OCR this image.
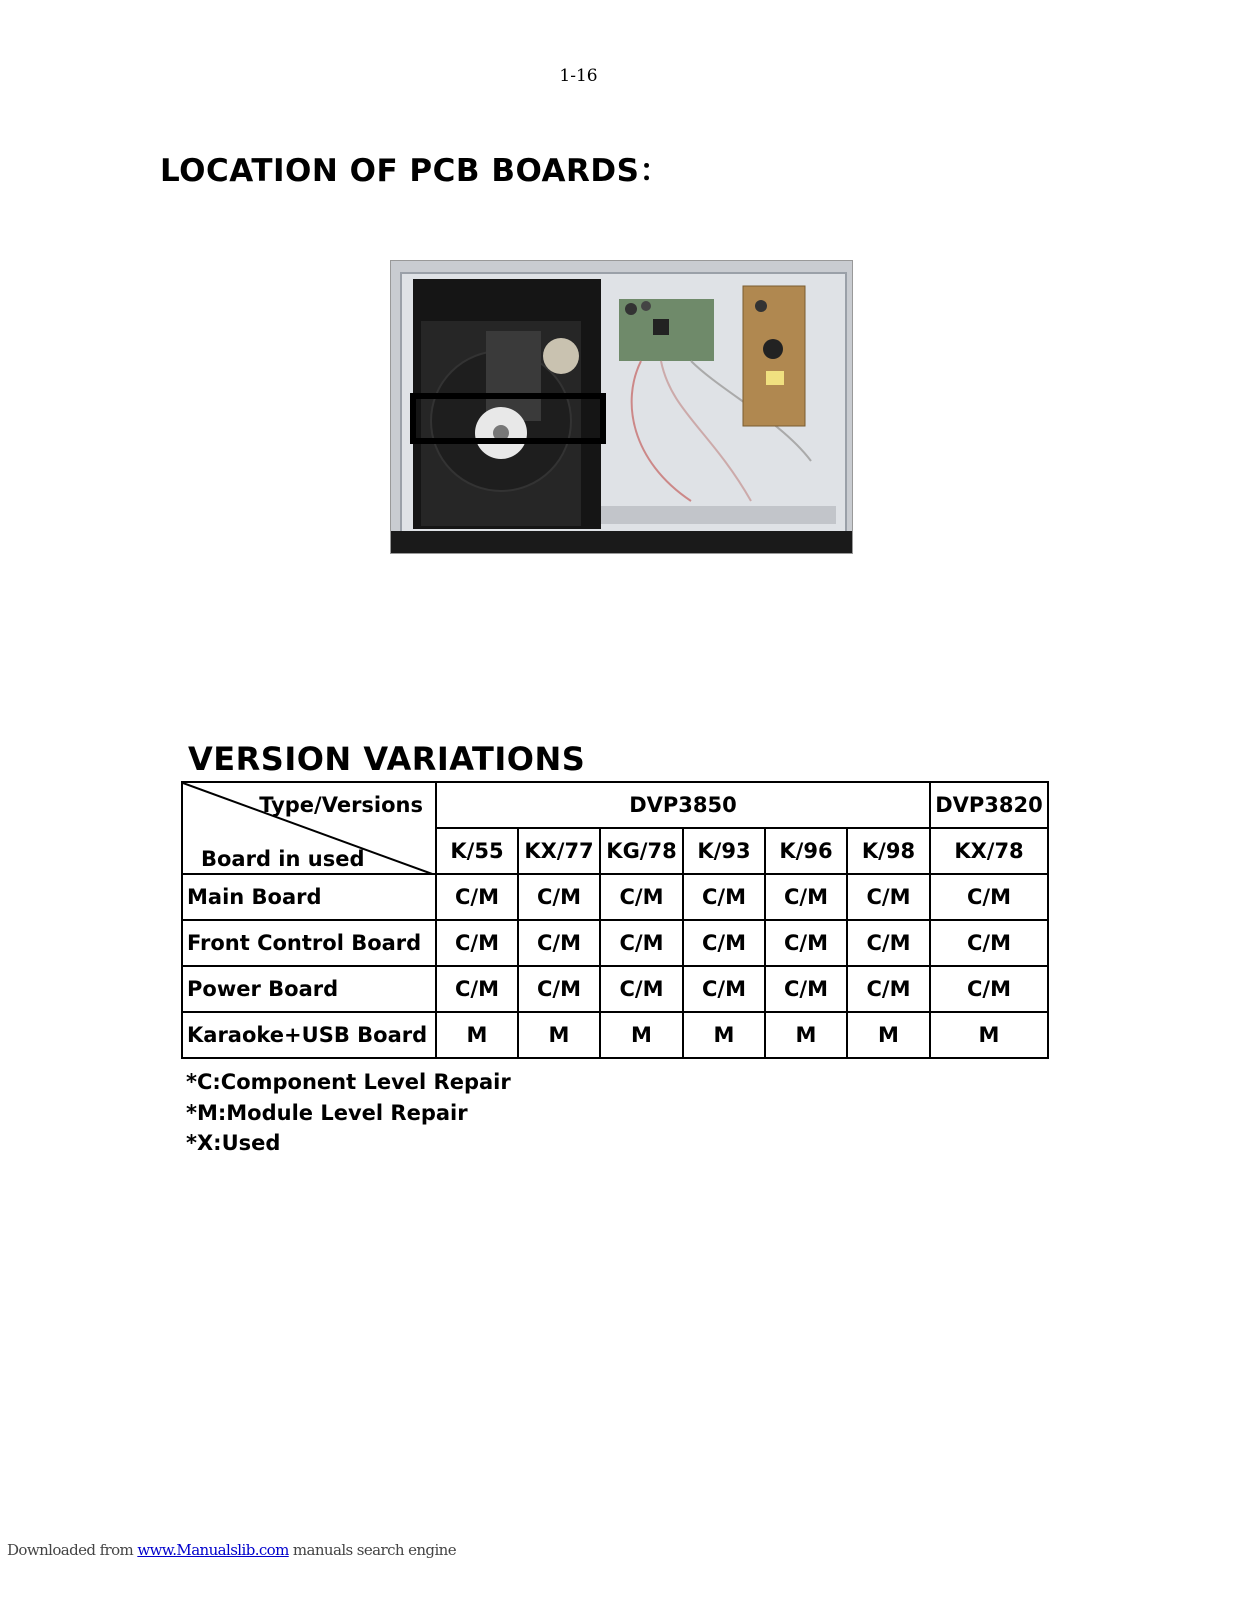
1-16
LOCATION OF PCB BOARDS：
VERSION VARIATIONS
Type/Versions
Board in used	DVP3850						DVP3820
	K/55	KX/77	KG/78	K/93	K/96	K/98	KX/78
Main Board	C/M	C/M	C/M	C/M	C/M	C/M	C/M
Front Control Board	C/M	C/M	C/M	C/M	C/M	C/M	C/M
Power Board	C/M	C/M	C/M	C/M	C/M	C/M	C/M
Karaoke+USB Board	M	M	M	M	M	M	M
*C:Component Level Repair
*M:Module Level Repair
*X:Used
Downloaded from www.Manualslib.com manuals search engine
